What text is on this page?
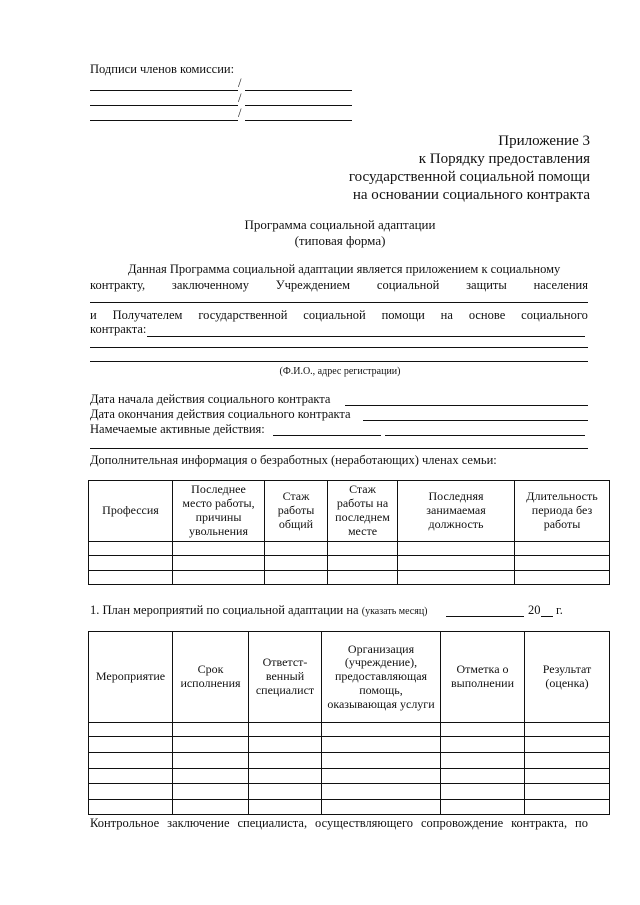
Подписи членов комиссии:
/
/
/
Приложение 3
к Порядку предоставления
государственной социальной помощи
на основании социального контракта
Программа социальной адаптации
(типовая форма)
Данная Программа социальной адаптации является приложением к социальному
контракту, заключенному Учреждением социальной защиты населения
и Получателем государственной социальной помощи на основе социального
контракта:
(Ф.И.О., адрес регистрации)
Дата начала действия социального контракта
Дата окончания действия социального контракта
Намечаемые активные действия:
Дополнительная информация о безработных (неработающих) членах семьи:
Профессия	Последнее место работы, причины увольнения	Стаж работы общий	Стаж работы на последнем месте	Последняя занимаемая должность	Длительность периода без работы

1. План мероприятий по социальной адаптации на (указать месяц)	20 г.
Мероприятие	Срок исполнения	Ответст-венный специалист	Организация (учреждение), предоставляющая помощь, оказывающая услуги	Отметка о выполнении	Результат (оценка)

Контрольное заключение специалиста, осуществляющего сопровождение контракта, по
